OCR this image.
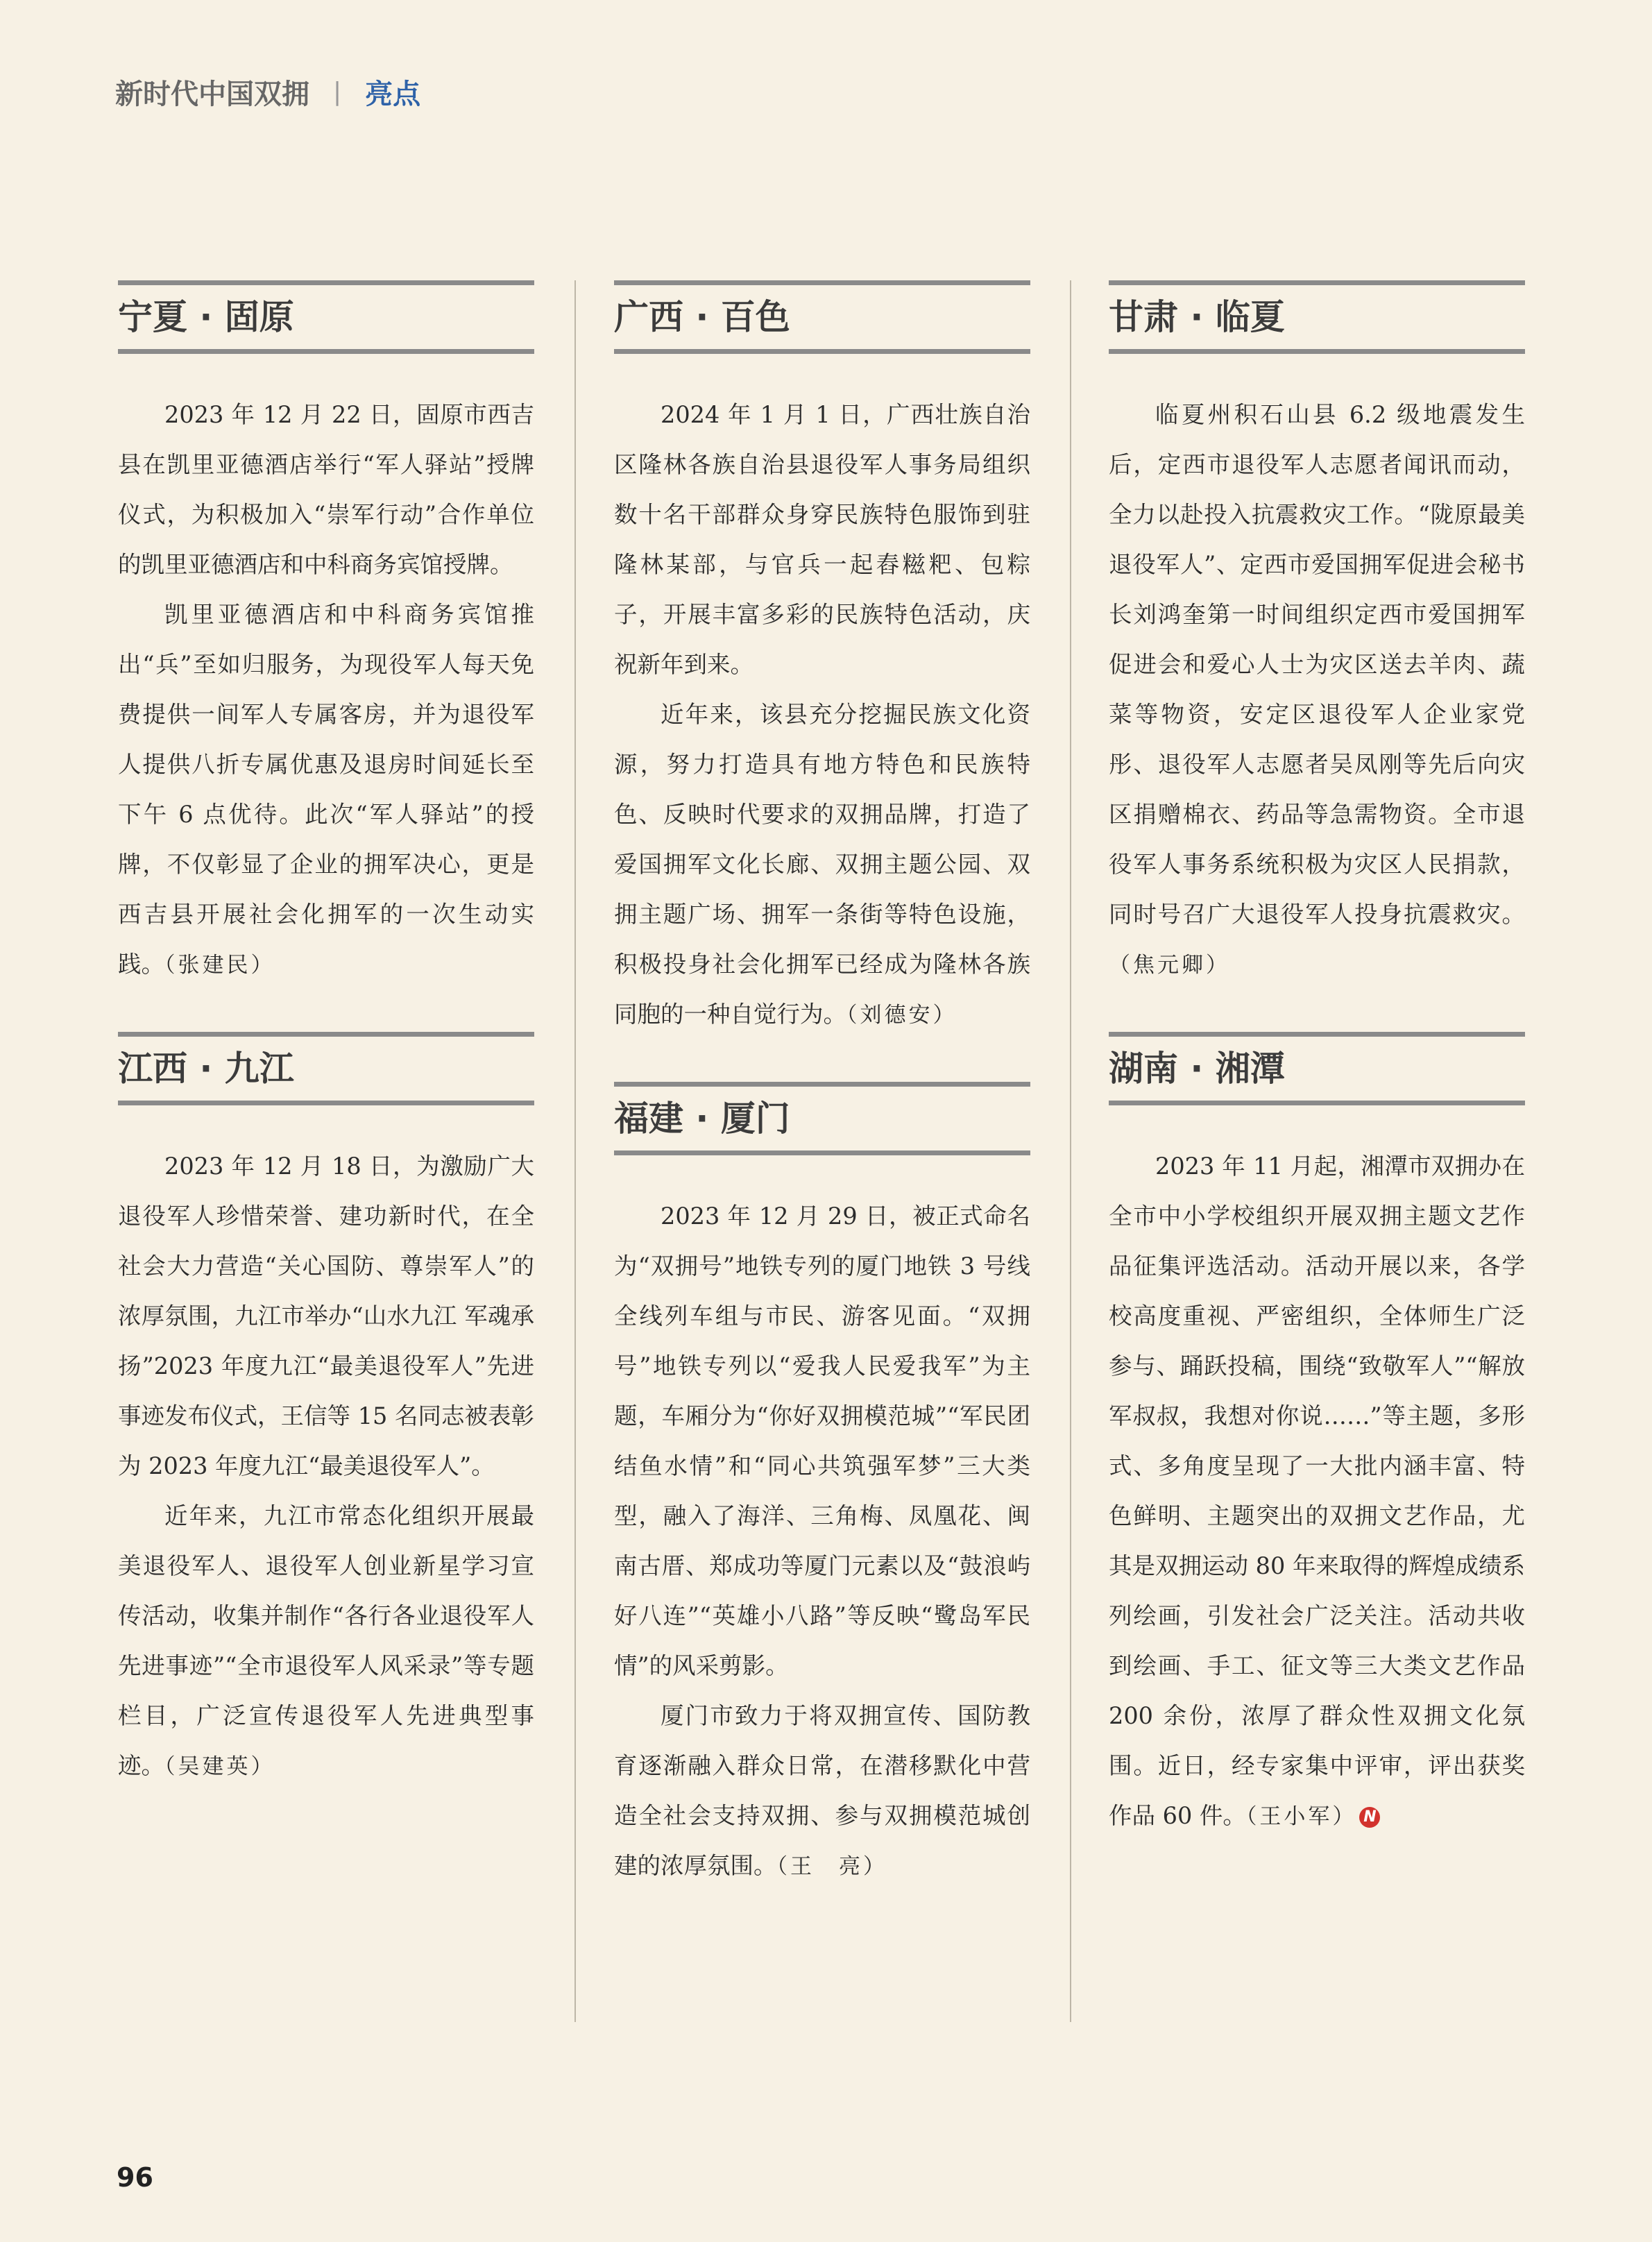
新时代中国双拥 | 亮点
宁夏 · 固原

2023 年 12 月 22 日，固原市西吉县在凯里亚德酒店举行“军人驿站”授牌仪式，为积极加入“崇军行动”合作单位的凯里亚德酒店和中科商务宾馆授牌。

凯里亚德酒店和中科商务宾馆推出“兵”至如归服务，为现役军人每天免费提供一间军人专属客房，并为退役军人提供八折专属优惠及退房时间延长至下午 6 点优待。此次“军人驿站”的授牌，不仅彰显了企业的拥军决心，更是西吉县开展社会化拥军的一次生动实践。（张建民）

江西 · 九江

2023 年 12 月 18 日，为激励广大退役军人珍惜荣誉、建功新时代，在全社会大力营造“关心国防、尊崇军人”的浓厚氛围，九江市举办“山水九江 军魂承扬”2023 年度九江“最美退役军人”先进事迹发布仪式，王信等 15 名同志被表彰为 2023 年度九江“最美退役军人”。

近年来，九江市常态化组织开展最美退役军人、退役军人创业新星学习宣传活动，收集并制作“各行各业退役军人先进事迹”“全市退役军人风采录”等专题栏目，广泛宣传退役军人先进典型事迹。（吴建英）

广西 · 百色

2024 年 1 月 1 日，广西壮族自治区隆林各族自治县退役军人事务局组织数十名干部群众身穿民族特色服饰到驻隆林某部，与官兵一起舂糍粑、包粽子，开展丰富多彩的民族特色活动，庆祝新年到来。

近年来，该县充分挖掘民族文化资源，努力打造具有地方特色和民族特色、反映时代要求的双拥品牌，打造了爱国拥军文化长廊、双拥主题公园、双拥主题广场、拥军一条街等特色设施，积极投身社会化拥军已经成为隆林各族同胞的一种自觉行为。（刘德安）

福建 · 厦门

2023 年 12 月 29 日，被正式命名为“双拥号”地铁专列的厦门地铁 3 号线全线列车组与市民、游客见面。“双拥号”地铁专列以“爱我人民爱我军”为主题，车厢分为“你好双拥模范城”“军民团结鱼水情”和“同心共筑强军梦”三大类型，融入了海洋、三角梅、凤凰花、闽南古厝、郑成功等厦门元素以及“鼓浪屿好八连”“英雄小八路”等反映“鹭岛军民情”的风采剪影。

厦门市致力于将双拥宣传、国防教育逐渐融入群众日常，在潜移默化中营造全社会支持双拥、参与双拥模范城创建的浓厚氛围。（王　亮）

甘肃 · 临夏

临夏州积石山县 6.2 级地震发生后，定西市退役军人志愿者闻讯而动，全力以赴投入抗震救灾工作。“陇原最美退役军人”、定西市爱国拥军促进会秘书长刘鸿奎第一时间组织定西市爱国拥军促进会和爱心人士为灾区送去羊肉、蔬菜等物资，安定区退役军人企业家党彤、退役军人志愿者吴凤刚等先后向灾区捐赠棉衣、药品等急需物资。全市退役军人事务系统积极为灾区人民捐款，同时号召广大退役军人投身抗震救灾。（焦元卿）

湖南 · 湘潭

2023 年 11 月起，湘潭市双拥办在全市中小学校组织开展双拥主题文艺作品征集评选活动。活动开展以来，各学校高度重视、严密组织，全体师生广泛参与、踊跃投稿，围绕“致敬军人”“解放军叔叔，我想对你说……”等主题，多形式、多角度呈现了一大批内涵丰富、特色鲜明、主题突出的双拥文艺作品，尤其是双拥运动 80 年来取得的辉煌成绩系列绘画，引发社会广泛关注。活动共收到绘画、手工、征文等三大类文艺作品 200 余份，浓厚了群众性双拥文化氛围。近日，经专家集中评审，评出获奖作品 60 件。（王小军） N

96
